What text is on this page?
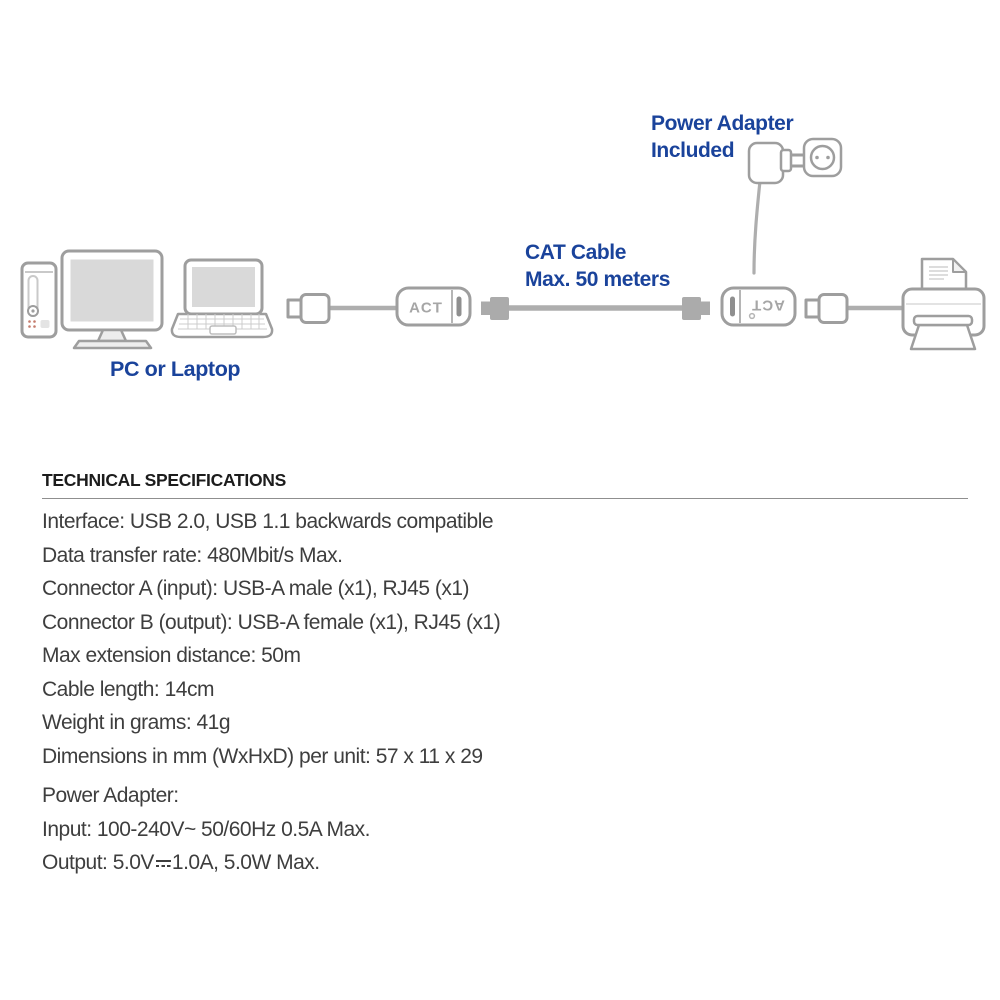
ACT	ACT
Power Adapter
Included
CAT Cable
Max. 50 meters
PC or Laptop
TECHNICAL SPECIFICATIONS
Interface: USB 2.0, USB 1.1 backwards compatible
Data transfer rate: 480Mbit/s Max.
Connector A (input): USB-A male (x1), RJ45 (x1)
Connector B (output): USB-A female (x1), RJ45 (x1)
Max extension distance: 50m
Cable length: 14cm
Weight in grams: 41g
Dimensions in mm (WxHxD) per unit: 57 x 11 x 29
Power Adapter:
Input: 100-240V~ 50/60Hz 0.5A Max.
Output: 5.0V 1.0A, 5.0W Max.
